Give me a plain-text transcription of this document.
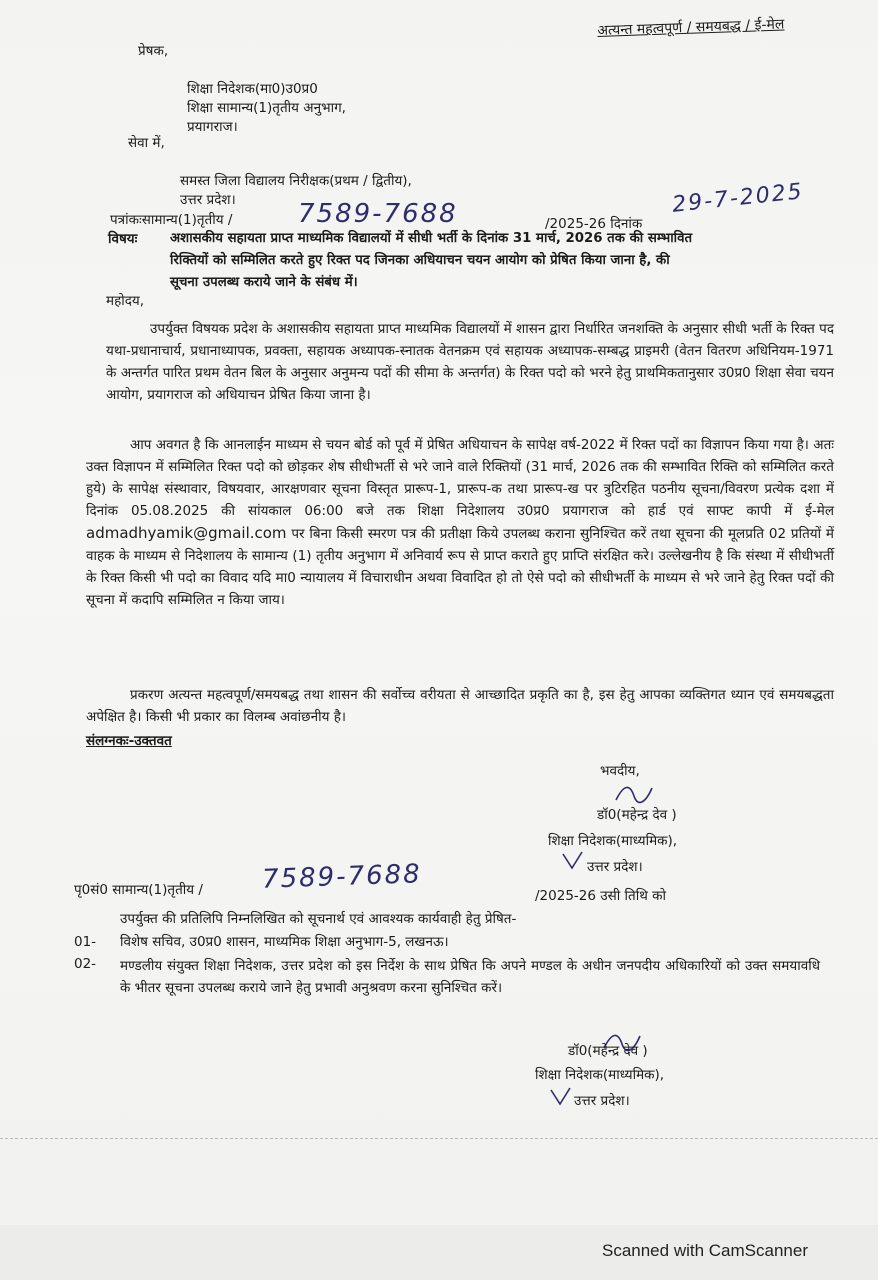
प्रेषक,
अत्यन्त महत्वपूर्ण / समयबद्ध / ई-मेल
शिक्षा निदेशक(मा0)उ0प्र0
शिक्षा सामान्य(1)तृतीय अनुभाग,
प्रयागराज।
सेवा में,
समस्त जिला विद्यालय निरीक्षक(प्रथम / द्वितीय),
उत्तर प्रदेश।
पत्रांकःसामान्य(1)तृतीय /	7589-7688	/2025-26 दिनांक
29-7-2025
विषयः अशासकीय सहायता प्राप्त माध्यमिक विद्यालयों में सीधी भर्ती के दिनांक 31 मार्च, 2026 तक की सम्भावित
रिक्तियों को सम्मिलित करते हुए रिक्त पद जिनका अधियाचन चयन आयोग को प्रेषित किया जाना है, की
सूचना उपलब्ध कराये जाने के संबंध में।
महोदय,
उपर्युक्त विषयक प्रदेश के अशासकीय सहायता प्राप्त माध्यमिक विद्यालयों में शासन द्वारा निर्धारित जनशक्ति के अनुसार सीधी भर्ती के रिक्त पद यथा-प्रधानाचार्य, प्रधानाध्यापक, प्रवक्ता, सहायक अध्यापक-स्नातक वेतनक्रम एवं सहायक अध्यापक-सम्बद्ध प्राइमरी (वेतन वितरण अधिनियम-1971 के अन्तर्गत पारित प्रथम वेतन बिल के अनुसार अनुमन्य पदों की सीमा के अन्तर्गत) के रिक्त पदो को भरने हेतु प्राथमिकतानुसार उ0प्र0 शिक्षा सेवा चयन आयोग, प्रयागराज को अधियाचन प्रेषित किया जाना है।
आप अवगत है कि आनलाईन माध्यम से चयन बोर्ड को पूर्व में प्रेषित अधियाचन के सापेक्ष वर्ष-2022 में रिक्त पदों का विज्ञापन किया गया है। अतः उक्त विज्ञापन में सम्मिलित रिक्त पदो को छोड़कर शेष सीधीभर्ती से भरे जाने वाले रिक्तियों (31 मार्च, 2026 तक की सम्भावित रिक्ति को सम्मिलित करते हुये) के सापेक्ष संस्थावार, विषयवार, आरक्षणवार सूचना विस्तृत प्रारूप-1, प्रारूप-क तथा प्रारूप-ख पर त्रुटिरहित पठनीय सूचना/विवरण प्रत्येक दशा में दिनांक 05.08.2025 की सांयकाल 06:00 बजे तक शिक्षा निदेशालय उ0प्र0 प्रयागराज को हार्ड एवं साफ्ट कापी में ई-मेल admadhyamik@gmail.com पर बिना किसी स्मरण पत्र की प्रतीक्षा किये उपलब्ध कराना सुनिश्चित करें तथा सूचना की मूलप्रति 02 प्रतियों में वाहक के माध्यम से निदेशालय के सामान्य (1) तृतीय अनुभाग में अनिवार्य रूप से प्राप्त कराते हुए प्राप्ति संरक्षित करे। उल्लेखनीय है कि संस्था में सीधीभर्ती के रिक्त किसी भी पदो का विवाद यदि मा0 न्यायालय में विचाराधीन अथवा विवादित हो तो ऐसे पदो को सीधीभर्ती के माध्यम से भरे जाने हेतु रिक्त पदों की सूचना में कदापि सम्मिलित न किया जाय।
प्रकरण अत्यन्त महत्वपूर्ण/समयबद्ध तथा शासन की सर्वोच्च वरीयता से आच्छादित प्रकृति का है, इस हेतु आपका व्यक्तिगत ध्यान एवं समयबद्धता अपेक्षित है। किसी भी प्रकार का विलम्ब अवांछनीय है।
संलग्नकः-उक्तवत
भवदीय,
डॉ0(महेन्द्र देव )
शिक्षा निदेशक(माध्यमिक),
उत्तर प्रदेश।
पृ0सं0 सामान्य(1)तृतीय / 7589-7688
/2025-26 उसी तिथि को
उपर्युक्त की प्रतिलिपि निम्नलिखित को सूचनार्थ एवं आवश्यक कार्यवाही हेतु प्रेषित-
01- विशेष सचिव, उ0प्र0 शासन, माध्यमिक शिक्षा अनुभाग-5, लखनऊ।
02- मण्डलीय संयुक्त शिक्षा निदेशक, उत्तर प्रदेश को इस निर्देश के साथ प्रेषित कि अपने मण्डल के अधीन जनपदीय अधिकारियों को उक्त समयावधि के भीतर सूचना उपलब्ध कराये जाने हेतु प्रभावी अनुश्रवण करना सुनिश्चित करें।
डॉ0(महेन्द्र देव )
शिक्षा निदेशक(माध्यमिक),
उत्तर प्रदेश।
Scanned with CamScanner
